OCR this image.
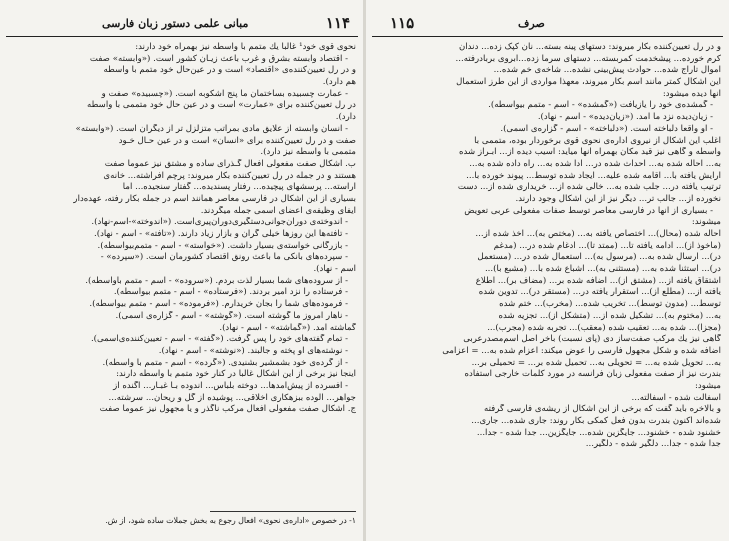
۱۱۴
مبانی علمی دستور زبان فارسی
نحوی قوی خود¹ غالباً یك متمم با واسطه نیز بهمراه خود دارند:
- اقتصاد وابسته بشرق و غرب باعث زیـان کشور است. («وابسته» صفت
و در رل تعیین‌کننده‌ی «اقتصاد» است و در عین‌حال خود متمم با واسطه
هم دارد).
- عمارت چسبیده بساختمان ما پنج اشکوبه است. («چسبیده» صفت و
در رل تعیین‌کننده برای «عمارت» است و در عین حال خود متممی با واسطه
دارد).
- انسان وابسته از علایق مادی بمراتب متزلزل تر از دیگران است. («وابسته»
صفت و در رل تعیین‌کننده برای «انسان» است و در عین حـال خـود
متممی با واسطه نیز دارد).
ب. اشکال صفت مفعولی افعال گـذرای ساده و مشتق نیز عموماً صفت
هستند و در جمله در رل تعیین‌کننده بکار میروند: پرچم افراشته... خانه‌ی
آراسته... پرسشهای پیچیده... رفتار پسندیده... گفتار سنجیده... اما
بسیاری از این اشکال در فارسی معاصر همانند اسم در جمله بکار رفته، عهده‌دار
ایفای وظیفه‌ی اعضای اسمی جمله میگردند.
- اندوخته‌ی دوران‌جوانی‌دستگیری‌دوران‌پیری‌است. («اندوخته»-اسم-نهاد).
- تافته‌ها این روزها خیلی گران و بازار زیاد دارند. («تافته» - اسم - نهاد).
- بازرگانی خواسته‌ی بسیار داشت. («خواسته» - اسم - متمم‌بیواسطه).
- سپرده‌های بانکی ما باعث رونق اقتصاد کشورمان است. («سپرده» -
اسم - نهاد).
- از سروده‌های شما بسیار لذت بردم. («سروده» - اسم - متمم باواسطه).
- فرستاده را نزد امیر بردند. («فرستاده» - اسم - متمم بیواسطه).
- فرموده‌های شما را بجان خریدارم. («فرموده» - اسم - متمم بیواسطه).
- ناهار امروز ما گوشته است. («گوشته» - اسم - گزاره‌ی اسمی).
گماشته آمد. («گماشته» - اسم - نهاد).
- تمام گفته‌های خود را پس گرفت. («گفته» - اسم - تعیین‌کننده‌ی‌اسمی).
- نوشته‌های او پخته و جالبند. («نوشته» - اسم - نهاد).
- از گرده‌ی خود بشمشیر بشنیدی. («گرده» - اسم - متمم با واسطه).
اینجا نیز برخی از این اشکال غالباً در کنار خود متمم با واسطه دارند:
- افسرده از پیش‌آمدها... دوخته بلباس... اندوده بـا غبـار... آگنده از
جواهر... آلوده ببزهکاری اخلاقی... پوشیده از گل و ریحان... سرشته...
ج. اشکال صفت مفعولی افعال مرکب ناگذر و یا مجهول نیز عموماً صفت
۱- در خصوص «اداره‌ی نحوی» افعال رجوع به بخش جملات ساده شود، از ش.
صرف
۱۱۵
و در رل تعیین‌کننده بکار میروند: دستهای پینه بسته... نان کپک زده... دندان
کرم خورده... پیشخدمت کمربسته... دستهای سرما زده...آبروی بربادرفته...
اموال تاراج شده... حوادث پیش‌بینی نشده... شاخه‌ی خم شده...
این اشکال کمتر مانند اسم بکار میروند، معهذا مواردی از این طرز استعمال
آنها دیده میشود:
- گمشده‌ی خود را یازیافت («گمشده» - اسم - متمم بیواسطه).
- زیان‌دیده نزد ما آمد. («زیان‌دیده» - اسم - نهاد).
- او واقعاً دلباخته است. («دلباخته» - اسم - گزاره‌ی اسمی).
اغلب این اشکال از نیروی اداره‌ی نحوی قوی برخوردار بوده، متممی با
واسطه و گاهی نیز قید مکان بهمراه آنها میآید: آسیب دیده از... ابـراز شده
به... احاله شده به... احداث شده در... ادا شده به... راه داده شده به...
آرایش یافته با... اقامه شده علیه... ایجاد شده توسط... پیوند خورده با...
ترتیب یافته در... جلب شده به... خالی شده از... خریداری شده از... دست
نخورده از... جالب تر... دیگر نیز از این اشکال وجود دارند.
- بسیاری از آنها در فارسی معاصر توسط صفات مفعولی عربی تعویض
میشوند:
احاله شده (محال)... اختصاص یافته به... (مختص به)... اخذ شده از...
(مأخوذ از)... ادامه یافته تا... (ممتد تا)... ادغام شده در... (مدغم
در)... ارسال شده به... (مرسول به)... استعمال شده در... (مستعمل
در)... استثنا شده به... (مستثنی به)... اشباع شده با... (مشبع با)...
اشتقاق یافته از... (مشتق از)... اضافه شده بر... (مضاف بر)... اطلاع
یافته از... (مطلع از)... استقرار یافته در... (مستقر در)... تدوین شده
توسط... (مدون توسط)... تخریب شده... (مخرب)... ختم شده
به... (مختوم به)... تشکیل شده از... (متشکل از)... تجزیه شده
(مجزا)... شده به... تعقیب شده (معقب)... تجربه شده (مجرب)...
گاهی نیز یك مرکب صفت‌ساز دی (پای نسبت) بآخر اصل اسم‌مصدرعربی
اضافه شده و شکل مجهول فارسی را عوض میکند: اعزام شده به... = اعزامی
به... تحویل شده به... = تحویلی به... تحمیل شده بر... = تحمیلی بر...
بندرت نیز از صفت مفعولی زبان فرانسه در مورد کلمات خارجی استفاده
میشود:
آسفالت شده - آسفالته...
و بالاخره باید گفت که برخی از این اشکال از ریشه‌ی فارسی گرفته
شده‌اند اکنون بندرت بدون فعل کمکی بکار روند: جاری شده... جاری...
خشنود شده - خشنود... جایگزین شده... جایگزین... جدا شده - جدا...
جدا شده - جدا... دلگیر شده - دلگیر...
